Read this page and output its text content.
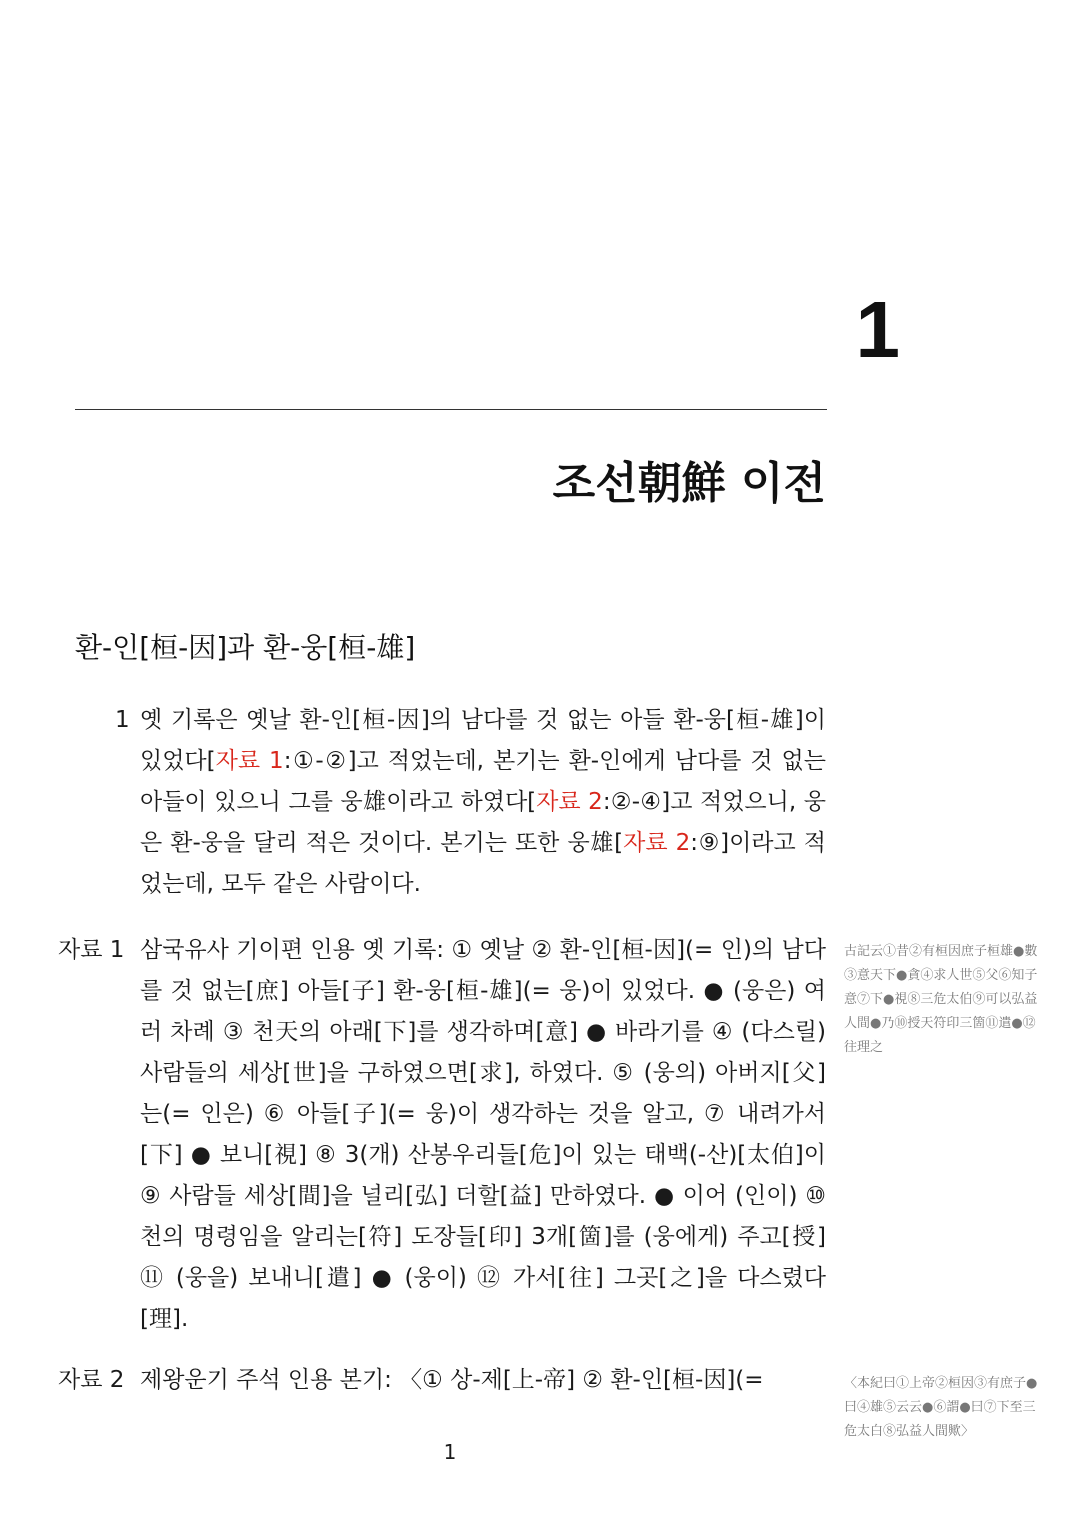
1
조선朝鮮 이전
환-인[桓-因]과 환-웅[桓-雄]
1 옛 기록은 옛날 환-인[桓-因]의 남다를 것 없는 아들 환-웅[桓-雄]이 있었다[자료 1:①-②]고 적었는데, 본기는 환-인에게 남다를 것 없는 아들이 있으니 그를 웅雄이라고 하였다[자료 2:②-④]고 적었으니, 웅은 환-웅을 달리 적은 것이다. 본기는 또한 웅雄[자료 2:⑨]이라고 적었는데, 모두 같은 사람이다.
자료 1 삼국유사 기이편 인용 옛 기록: ① 옛날 ② 환-인[桓-因](= 인)의 남다를 것 없는[庶] 아들[子] 환-웅[桓-雄](= 웅)이 있었다. ● (웅은) 여러 차례 ③ 천天의 아래[下]를 생각하며[意] ● 바라기를 ④ (다스릴) 사람들의 세상[世]을 구하였으면[求], 하였다. ⑤ (웅의) 아버지[父]는(= 인은) ⑥ 아들[子](= 웅)이 생각하는 것을 알고, ⑦ 내려가서[下] ● 보니[視] ⑧ 3(개) 산봉우리들[危]이 있는 태백(-산)[太伯]이 ⑨ 사람들 세상[間]을 널리[弘] 더할[益] 만하였다. ● 이어 (인이) ⑩ 천의 명령임을 알리는[符] 도장들[印] 3개[箇]를 (웅에게) 주고[授] ⑪ (웅을) 보내니[遣] ● (웅이) ⑫ 가서[往] 그곳[之]을 다스렸다[理].
古記云①昔②有桓因庶子桓雄●數③意天下●貪④求人世⑤父⑥知子意⑦下●視⑧三危太伯⑨可以弘益人間●乃⑩授天符印三箇⑪遣●⑫往理之
자료 2 제왕운기 주석 인용 본기: 〈① 상-제[上-帝] ② 환-인[桓-因](=	〈本紀曰①上帝②桓因③有庶子●曰④雄⑤云云●⑥謂●曰⑦下至三危太白⑧弘益人間歟〉
1
